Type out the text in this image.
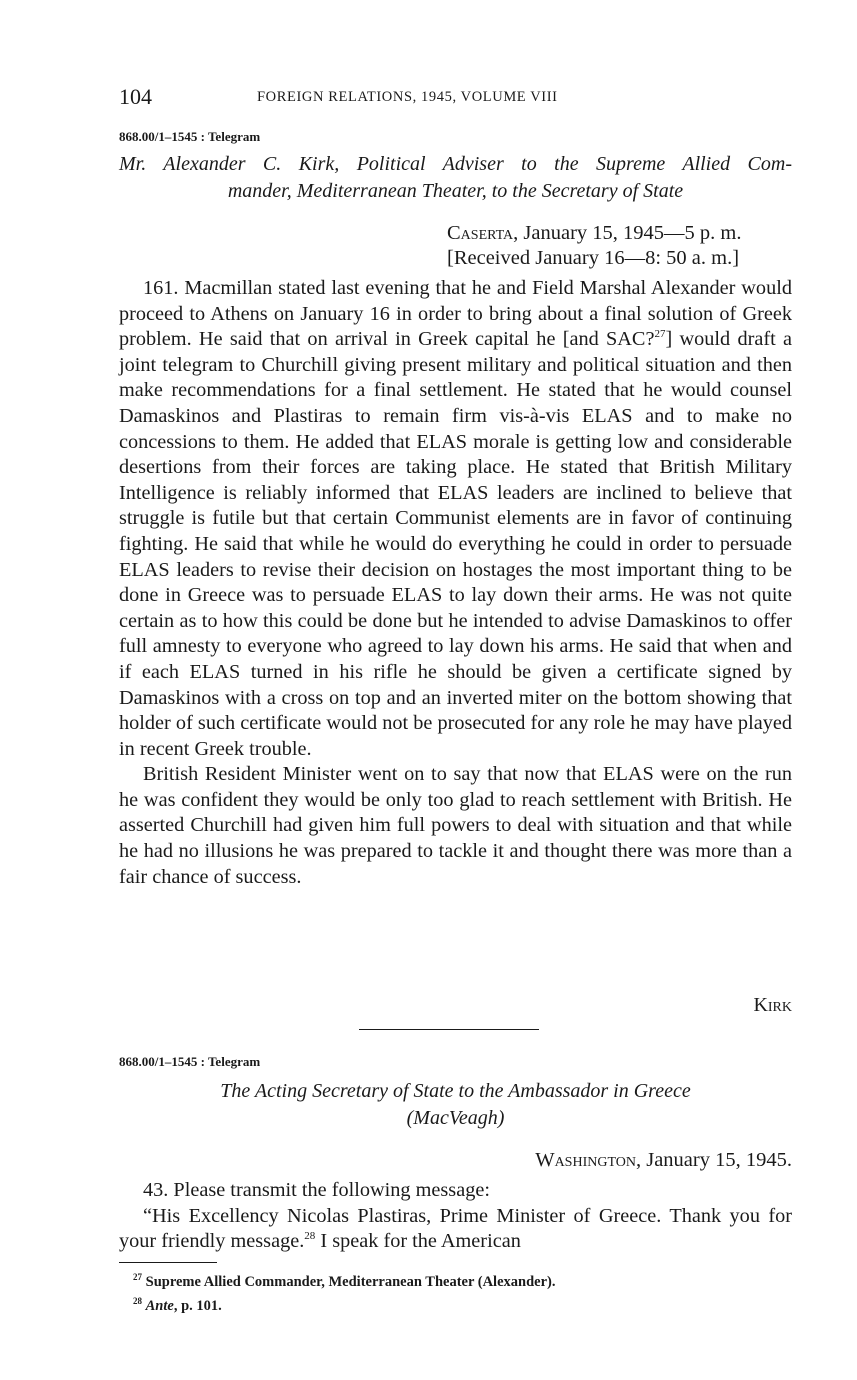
104	FOREIGN RELATIONS, 1945, VOLUME VIII
868.00/1–1545 : Telegram
Mr. Alexander C. Kirk, Political Adviser to the Supreme Allied Com-
mander, Mediterranean Theater, to the Secretary of State
Caserta, January 15, 1945—5 p. m.
[Received January 16—8: 50 a. m.]

161. Macmillan stated last evening that he and Field Marshal Alexander would proceed to Athens on January 16 in order to bring about a final solution of Greek problem. He said that on arrival in Greek capital he [and SAC?$^{27}$] would draft a joint telegram to Churchill giving present military and political situation and then make recommendations for a final settlement. He stated that he would counsel Damaskinos and Plastiras to remain firm vis-à-vis ELAS and to make no concessions to them. He added that ELAS morale is getting low and considerable desertions from their forces are taking place. He stated that British Military Intelligence is reliably informed that ELAS leaders are inclined to believe that struggle is futile but that certain Communist elements are in favor of continuing fighting. He said that while he would do everything he could in order to persuade ELAS leaders to revise their decision on hostages the most important thing to be done in Greece was to persuade ELAS to lay down their arms. He was not quite certain as to how this could be done but he intended to advise Damaskinos to offer full amnesty to everyone who agreed to lay down his arms. He said that when and if each ELAS turned in his rifle he should be given a certificate signed by Damaskinos with a cross on top and an inverted miter on the bottom showing that holder of such certificate would not be prosecuted for any role he may have played in recent Greek trouble.

British Resident Minister went on to say that now that ELAS were on the run he was confident they would be only too glad to reach settlement with British. He asserted Churchill had given him full powers to deal with situation and that while he had no illusions he was prepared to tackle it and thought there was more than a fair chance of success.

Kirk
868.00/1–1545 : Telegram
The Acting Secretary of State to the Ambassador in Greece
(MacVeagh)
Washington, January 15, 1945.

43. Please transmit the following message:

“His Excellency Nicolas Plastiras, Prime Minister of Greece. Thank you for your friendly message.$^{28}$ I speak for the American

$^{27}$ Supreme Allied Commander, Mediterranean Theater (Alexander).
$^{28}$ Ante, p. 101.
